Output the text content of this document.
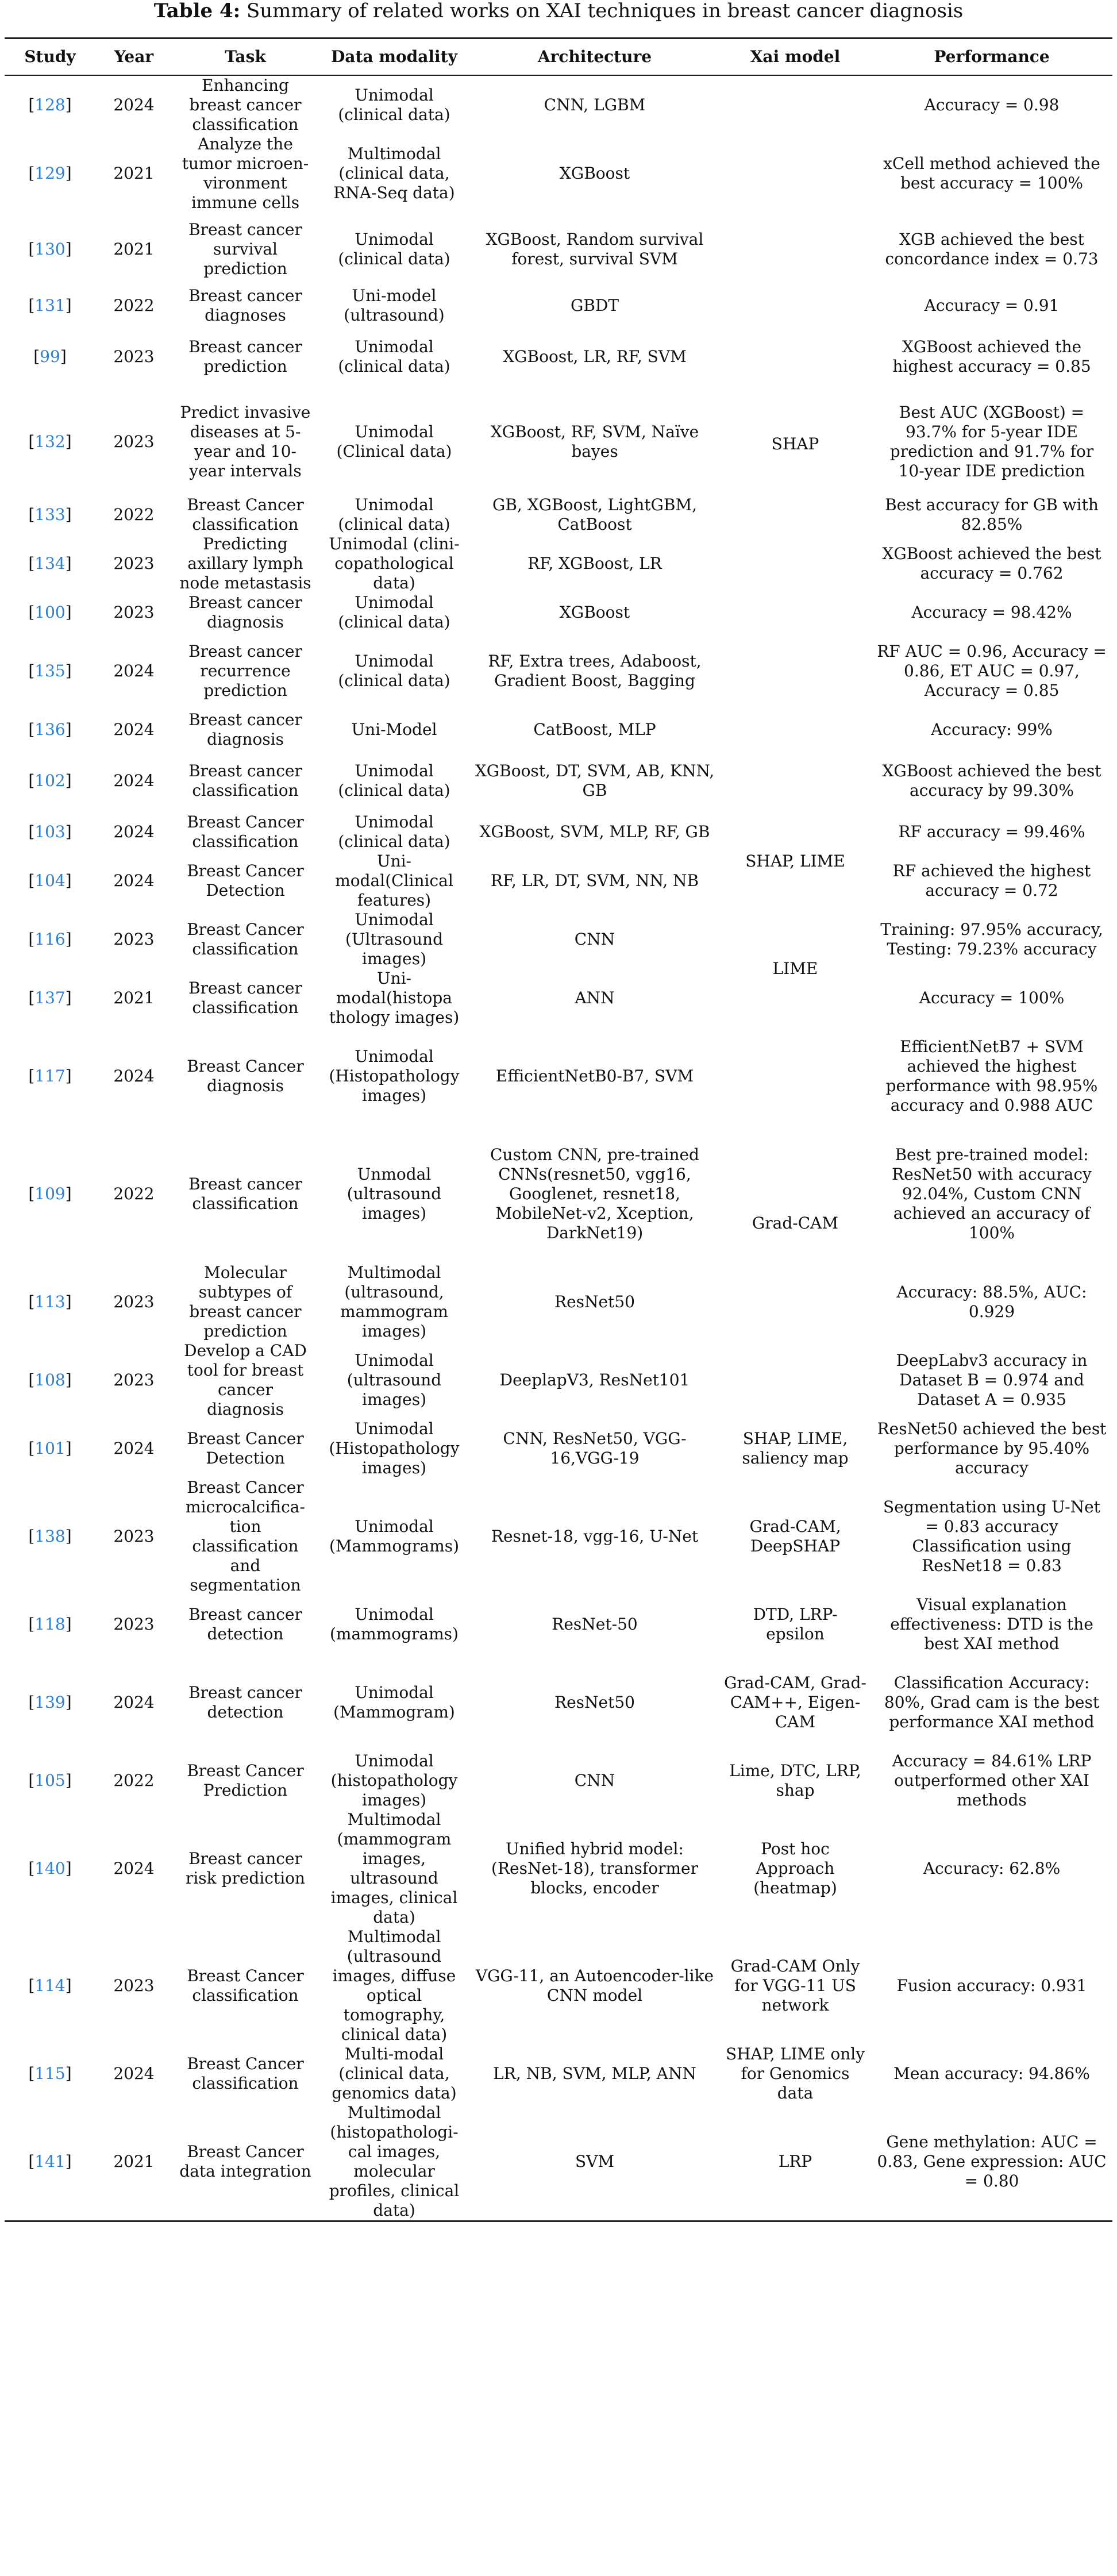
Table 4: Summary of related works on XAI techniques in breast cancer diagnosis
Study	Year	Task	Data modality	Architecture	Xai model	Performance
[128]	2024	Enhancing breast cancer classification	Unimodal (clinical data)	CNN, LGBM	SHAP	Accuracy = 0.98
[129]	2021	Analyze the tumor microen-vironment immune cells	Multimodal (clinical data, RNA-Seq data)	XGBoost		xCell method achieved the best accuracy = 100%
[130]	2021	Breast cancer survival prediction	Unimodal (clinical data)	XGBoost, Random survival forest, survival SVM		XGB achieved the best concordance index = 0.73
[131]	2022	Breast cancer diagnoses	Uni-model (ultrasound)	GBDT		Accuracy = 0.91
[99]	2023	Breast cancer prediction	Unimodal (clinical data)	XGBoost, LR, RF, SVM		XGBoost achieved the highest accuracy = 0.85
[132]	2023	Predict invasive diseases at 5-year and 10-year intervals	Unimodal (Clinical data)	XGBoost, RF, SVM, Naïve bayes		Best AUC (XGBoost) = 93.7% for 5-year IDE prediction and 91.7% for 10-year IDE prediction
[133]	2022	Breast Cancer classification	Unimodal (clinical data)	GB, XGBoost, LightGBM, CatBoost		Best accuracy for GB with 82.85%
[134]	2023	Predicting axillary lymph node metastasis	Unimodal (clini-copathological data)	RF, XGBoost, LR		XGBoost achieved the best accuracy = 0.762
[100]	2023	Breast cancer diagnosis	Unimodal (clinical data)	XGBoost		Accuracy = 98.42%
[135]	2024	Breast cancer recurrence prediction	Unimodal (clinical data)	RF, Extra trees, Adaboost, Gradient Boost, Bagging		RF AUC = 0.96, Accuracy = 0.86, ET AUC = 0.97, Accuracy = 0.85
[136]	2024	Breast cancer diagnosis	Uni-Model	CatBoost, MLP		Accuracy: 99%
[102]	2024	Breast cancer classification	Unimodal (clinical data)	XGBoost, DT, SVM, AB, KNN, GB		XGBoost achieved the best accuracy by 99.30%
[103]	2024	Breast Cancer classification	Unimodal (clinical data)	XGBoost, SVM, MLP, RF, GB	SHAP, LIME	RF accuracy = 99.46%
[104]	2024	Breast Cancer Detection	Uni-modal(Clinical features)	RF, LR, DT, SVM, NN, NB		RF achieved the highest accuracy = 0.72
[116]	2023	Breast Cancer classification	Unimodal (Ultrasound images)	CNN	LIME	Training: 97.95% accuracy, Testing: 79.23% accuracy
[137]	2021	Breast cancer classification	Uni-modal(histopa thology images)	ANN		Accuracy = 100%
[117]	2024	Breast Cancer diagnosis	Unimodal (Histopathology images)	EfficientNetB0-B7, SVM	Grad-CAM	EfficientNetB7 + SVM achieved the highest performance with 98.95% accuracy and 0.988 AUC
[109]	2022	Breast cancer classification	Unmodal (ultrasound images)	Custom CNN, pre-trained CNNs(resnet50, vgg16, Googlenet, resnet18, MobileNet-v2, Xception, DarkNet19)		Best pre-trained model: ResNet50 with accuracy 92.04%, Custom CNN achieved an accuracy of 100%
[113]	2023	Molecular subtypes of breast cancer prediction	Multimodal (ultrasound, mammogram images)	ResNet50		Accuracy: 88.5%, AUC: 0.929
[108]	2023	Develop a CAD tool for breast cancer diagnosis	Unimodal (ultrasound images)	DeeplapV3, ResNet101		DeepLabv3 accuracy in Dataset B = 0.974 and Dataset A = 0.935
[101]	2024	Breast Cancer Detection	Unimodal (Histopathology images)	CNN, ResNet50, VGG-16,VGG-19	SHAP, LIME, saliency map	ResNet50 achieved the best performance by 95.40% accuracy
[138]	2023	Breast Cancer microcalcifica-tion classification and segmentation	Unimodal (Mammograms)	Resnet-18, vgg-16, U-Net	Grad-CAM, DeepSHAP	Segmentation using U-Net = 0.83 accuracy Classification using ResNet18 = 0.83
[118]	2023	Breast cancer detection	Unimodal (mammograms)	ResNet-50	DTD, LRP-epsilon	Visual explanation effectiveness: DTD is the best XAI method
[139]	2024	Breast cancer detection	Unimodal (Mammogram)	ResNet50	Grad-CAM, Grad-CAM++, Eigen-CAM	Classification Accuracy: 80%, Grad cam is the best performance XAI method
[105]	2022	Breast Cancer Prediction	Unimodal (histopathology images)	CNN	Lime, DTC, LRP, shap	Accuracy = 84.61% LRP outperformed other XAI methods
[140]	2024	Breast cancer risk prediction	Multimodal (mammogram images, ultrasound images, clinical data)	Unified hybrid model: (ResNet-18), transformer blocks, encoder	Post hoc Approach (heatmap)	Accuracy: 62.8%
[114]	2023	Breast Cancer classification	Multimodal (ultrasound images, diffuse optical tomography, clinical data)	VGG-11, an Autoencoder-like CNN model	Grad-CAM Only for VGG-11 US network	Fusion accuracy: 0.931
[115]	2024	Breast Cancer classification	Multi-modal (clinical data, genomics data)	LR, NB, SVM, MLP, ANN	SHAP, LIME only for Genomics data	Mean accuracy: 94.86%
[141]	2021	Breast Cancer data integration	Multimodal (histopathologi-cal images, molecular profiles, clinical data)	SVM	LRP	Gene methylation: AUC = 0.83, Gene expression: AUC = 0.80
